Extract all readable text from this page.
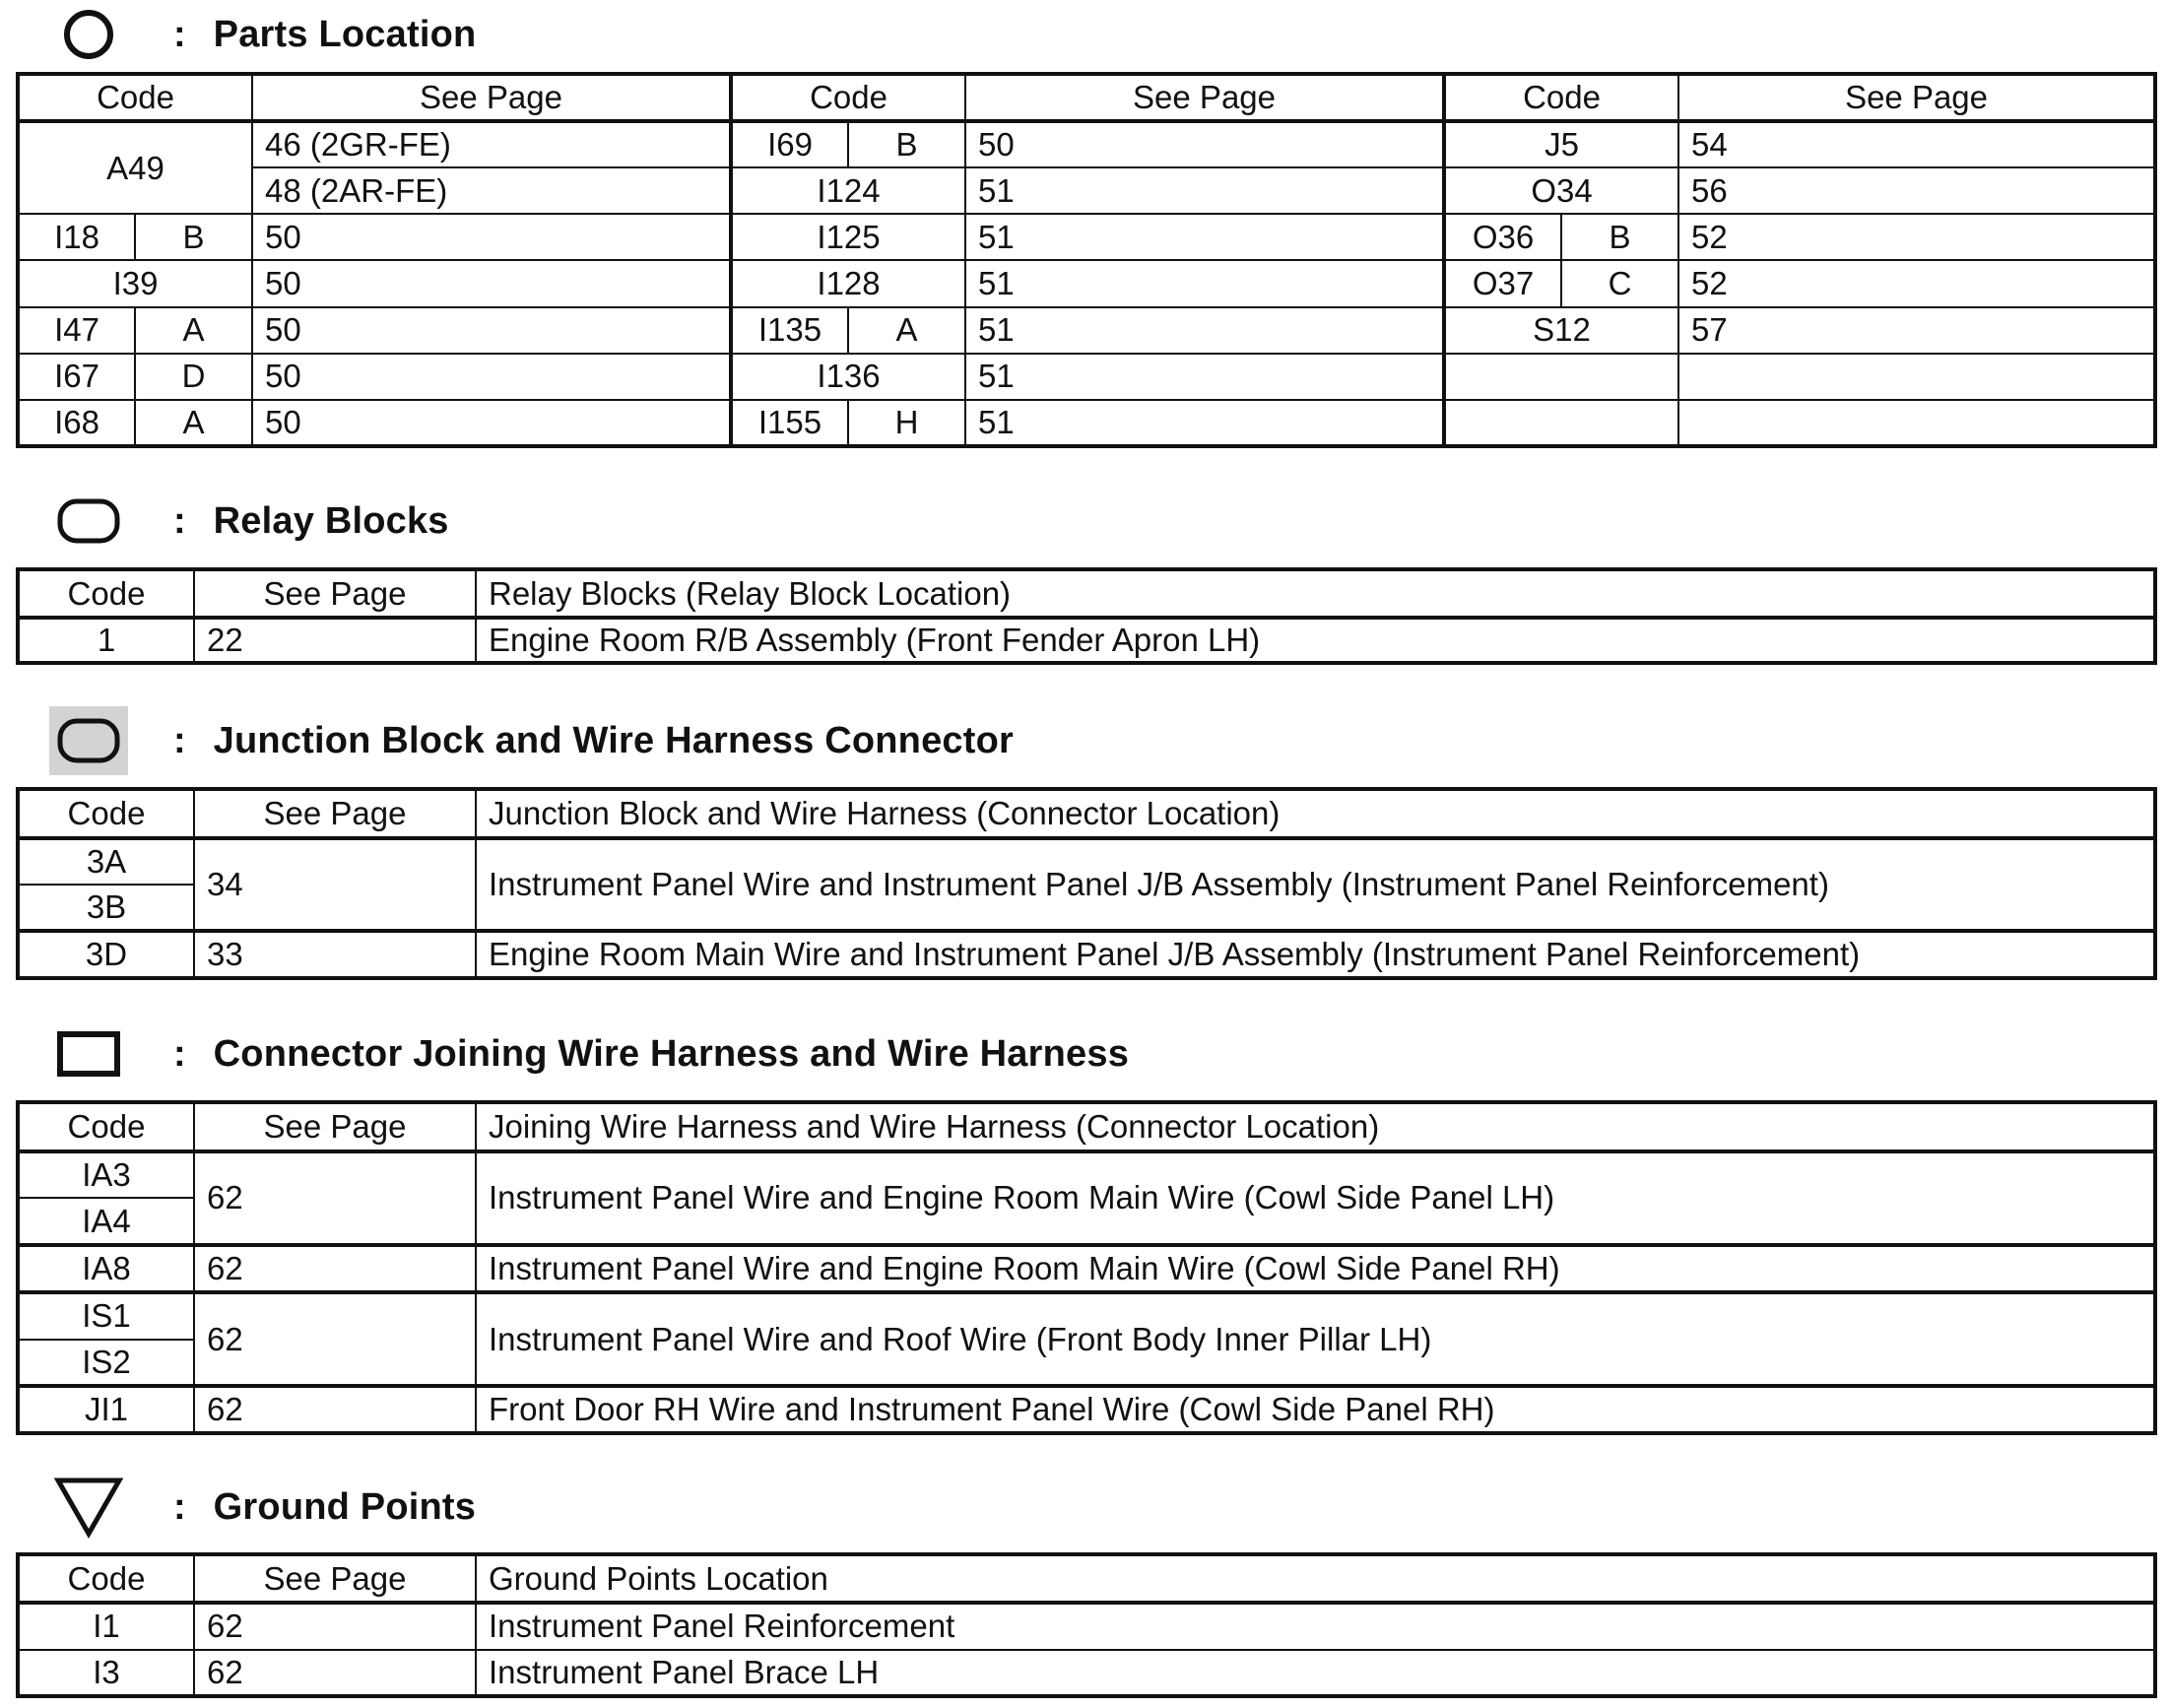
: Parts Location
Code		See Page	Code		See Page	Code		See Page
A49		46 (2GR-FE)	I69	B	50	J5		54
		48 (2AR-FE)	I124		51	O34		56
I18	B	50	I125		51	O36	B	52
I39		50	I128		51	O37	C	52
I47	A	50	I135	A	51	S12		57
I67	D	50	I136		51			
I68	A	50	I155	H	51			
: Relay Blocks
Code	See Page	Relay Blocks (Relay Block Location)
1	22	Engine Room R/B Assembly (Front Fender Apron LH)
: Junction Block and Wire Harness Connector
Code	See Page	Junction Block and Wire Harness (Connector Location)
3A	34	Instrument Panel Wire and Instrument Panel J/B Assembly (Instrument Panel Reinforcement)
3B		
3D	33	Engine Room Main Wire and Instrument Panel J/B Assembly (Instrument Panel Reinforcement)
: Connector Joining Wire Harness and Wire Harness
Code	See Page	Joining Wire Harness and Wire Harness (Connector Location)
IA3	62	Instrument Panel Wire and Engine Room Main Wire (Cowl Side Panel LH)
IA4		
IA8	62	Instrument Panel Wire and Engine Room Main Wire (Cowl Side Panel RH)
IS1	62	Instrument Panel Wire and Roof Wire (Front Body Inner Pillar LH)
IS2		
JI1	62	Front Door RH Wire and Instrument Panel Wire (Cowl Side Panel RH)
: Ground Points
Code	See Page	Ground Points Location
I1	62	Instrument Panel Reinforcement
I3	62	Instrument Panel Brace LH
